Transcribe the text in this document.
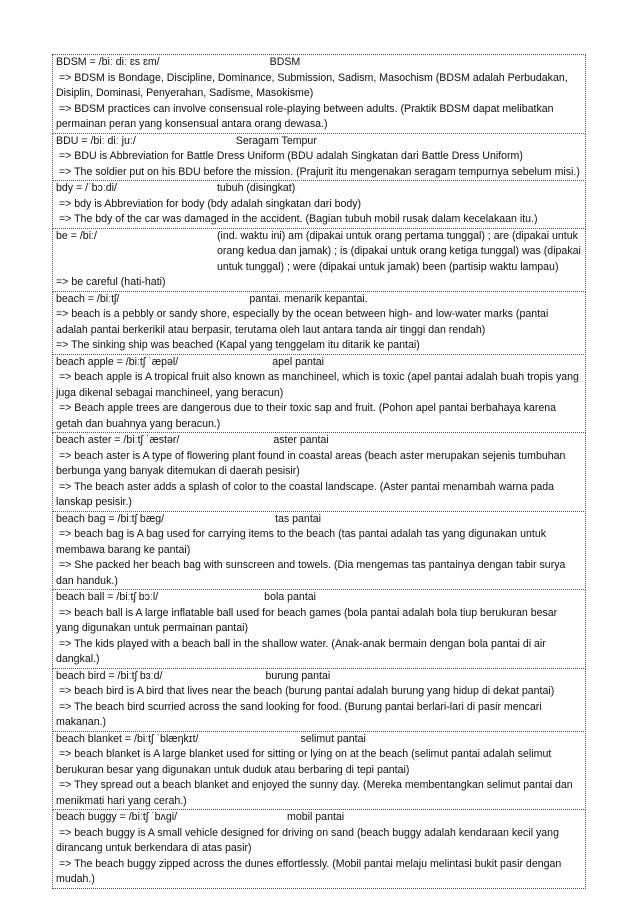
BDSM = /biː diː ɛs ɛm/	BDSM
=> BDSM is Bondage, Discipline, Dominance, Submission, Sadism, Masochism (BDSM adalah Perbudakan, Disiplin, Dominasi, Penyerahan, Sadisme, Masokisme)
=> BDSM practices can involve consensual role-playing between adults. (Praktik BDSM dapat melibatkan permainan peran yang konsensual antara orang dewasa.)
BDU = /biː diː juː/	Seragam Tempur
=> BDU is Abbreviation for Battle Dress Uniform (BDU adalah Singkatan dari Battle Dress Uniform)
=> The soldier put on his BDU before the mission. (Prajurit itu mengenakan seragam tempurnya sebelum misi.)
bdy = /ˈbɔːdi/	tubuh (disingkat)
=> bdy is Abbreviation for body (bdy adalah singkatan dari body)
=> The bdy of the car was damaged in the accident. (Bagian tubuh mobil rusak dalam kecelakaan itu.)
be = /biː/	(ind. waktu ini) am (dipakai untuk orang pertama tunggal) ; are (dipakai untuk orang kedua dan jamak) ; is (dipakai untuk orang ketiga tunggal) was (dipakai untuk tunggal) ; were (dipakai untuk jamak) been (partisip waktu lampau)
=> be careful (hati-hati)
beach = /biːtʃ/	pantai. menarik kepantai.
=> beach is a pebbly or sandy shore, especially by the ocean between high- and low-water marks (pantai adalah pantai berkerikil atau berpasir, terutama oleh laut antara tanda air tinggi dan rendah)
=> The sinking ship was beached (Kapal yang tenggelam itu ditarik ke pantai)
beach apple = /biːtʃ ˈæpəl/	apel pantai
=> beach apple is A tropical fruit also known as manchineel, which is toxic (apel pantai adalah buah tropis yang juga dikenal sebagai manchineel, yang beracun)
=> Beach apple trees are dangerous due to their toxic sap and fruit. (Pohon apel pantai berbahaya karena getah dan buahnya yang beracun.)
beach aster = /biːtʃ ˈæstər/	aster pantai
=> beach aster is A type of flowering plant found in coastal areas (beach aster merupakan sejenis tumbuhan berbunga yang banyak ditemukan di daerah pesisir)
=> The beach aster adds a splash of color to the coastal landscape. (Aster pantai menambah warna pada lanskap pesisir.)
beach bag = /biːtʃ bæg/	tas pantai
=> beach bag is A bag used for carrying items to the beach (tas pantai adalah tas yang digunakan untuk membawa barang ke pantai)
=> She packed her beach bag with sunscreen and towels. (Dia mengemas tas pantainya dengan tabir surya dan handuk.)
beach ball = /biːtʃ bɔːl/	bola pantai
=> beach ball is A large inflatable ball used for beach games (bola pantai adalah bola tiup berukuran besar yang digunakan untuk permainan pantai)
=> The kids played with a beach ball in the shallow water. (Anak-anak bermain dengan bola pantai di air dangkal.)
beach bird = /biːtʃ bɜːd/	burung pantai
=> beach bird is A bird that lives near the beach (burung pantai adalah burung yang hidup di dekat pantai)
=> The beach bird scurried across the sand looking for food. (Burung pantai berlari-lari di pasir mencari makanan.)
beach blanket = /biːtʃ ˈblæŋkɪt/	selimut pantai
=> beach blanket is A large blanket used for sitting or lying on at the beach (selimut pantai adalah selimut berukuran besar yang digunakan untuk duduk atau berbaring di tepi pantai)
=> They spread out a beach blanket and enjoyed the sunny day. (Mereka membentangkan selimut pantai dan menikmati hari yang cerah.)
beach buggy = /biːtʃ ˈbʌgi/	mobil pantai
=> beach buggy is A small vehicle designed for driving on sand (beach buggy adalah kendaraan kecil yang dirancang untuk berkendara di atas pasir)
=> The beach buggy zipped across the dunes effortlessly. (Mobil pantai melaju melintasi bukit pasir dengan mudah.)
